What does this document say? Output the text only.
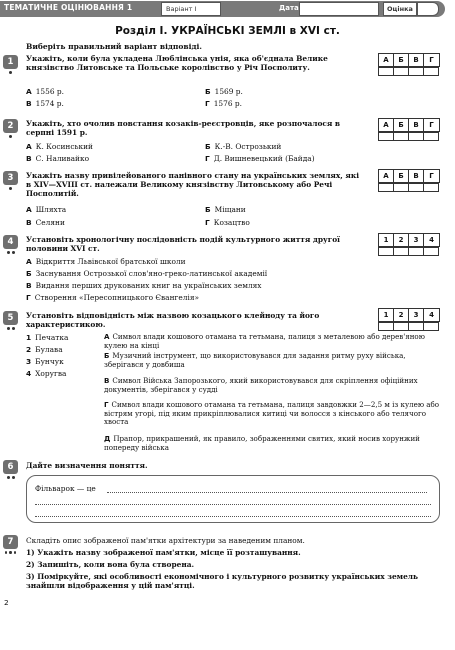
ТЕМАТИЧНЕ ОЦІНЮВАННЯ 1	Варіант І	Дата	Оцінка
Розділ І. УКРАЇНСЬКІ ЗЕМЛІ в XVI ст.
Виберіть правильний варіант відповіді.
1	Укажіть, коли була укладена Люблінська унія, яка об'єднала Велике князівство Литовське та Польське королівство у Річ Посполиту.
А 1556 р.	Б 1569 р.
В 1574 р.	Г 1576 р.
А	Б	В	Г

2	Укажіть, хто очолив повстання козаків-реєстровців, яке розпочалося в серпні 1591 р.
А К. Косинський	Б К.-В. Острозький
В С. Наливайко	Г Д. Вишневецький (Байда)
А	Б	В	Г

3	Укажіть назву привілейованого панівного стану на українських землях, які в XIV—XVIII ст. належали Великому князівству Литовському або Речі Посполитій.
А Шляхта	Б Міщани
В Селяни	Г Козацтво
А	Б	В	Г

4	Установіть хронологічну послідовність подій культурного життя другої половини XVI ст.
А Відкриття Львівської братської школи
Б Заснування Острозької слов'яно-греко-латинської академії
В Видання перших друкованих книг на українських землях
Г Створення «Пересопницького Євангелія»
1	2	3	4

5	Установіть відповідність між назвою козацького клейноду та його характеристикою.
1	2	3	4

1 Печатка
2 Булава
3 Бунчук
4 Хоругва
А Символ влади кошового отамана та гетьмана, палиця з металевою або дерев'яною кулею на кінці
Б Музичний інструмент, що використовувався для задання ритму руху війська, зберігався у довбиша
В Символ Війська Запорозького, який використовувався для скріплення офіційних документів, зберігався у судді
Г Символ влади кошового отамана та гетьмана, палиця завдовжки 2—2,5 м із кулею або вістрям угорі, під яким прикріплювалися китиці чи волосся з кінського або телячого хвоста
Д Прапор, прикрашений, як правило, зображеннями святих, який носив хорунжий попереду війська
6	Дайте визначення поняття.
Фільварок — це
7	Складіть опис зображеної пам'ятки архітектури за наведеним планом.
1) Укажіть назву зображеної пам'ятки, місце її розташування.
2) Запишіть, коли вона була створена.
3) Поміркуйте, які особливості економічного і культурного розвитку українських земель знайшли відображення у цій пам'ятці.
2
